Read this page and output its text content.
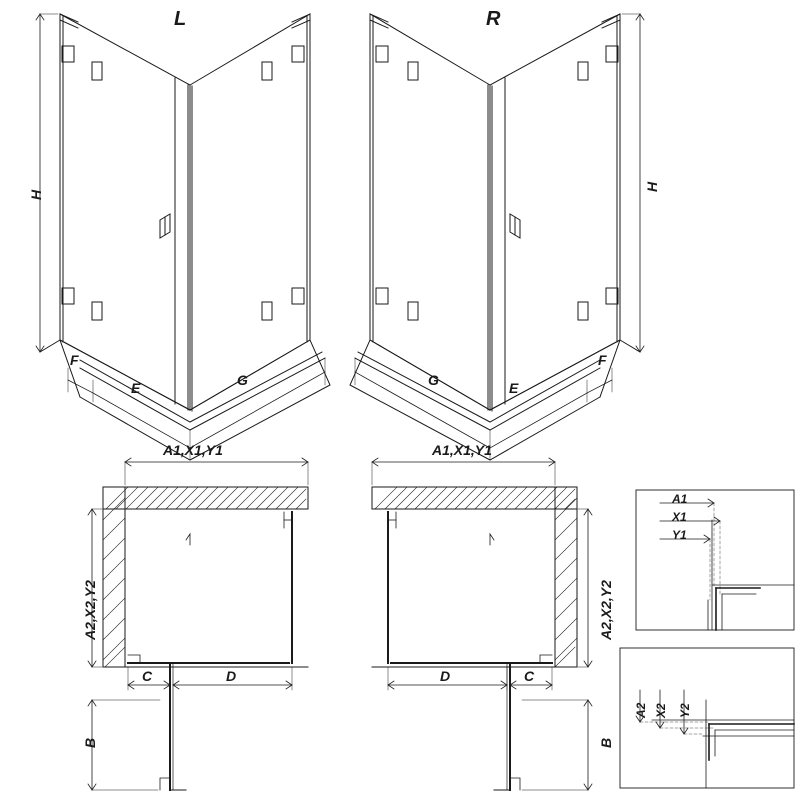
L	R
H
H
F
E	G
F
E
G
A1,X1,Y1	A1,X1,Y1
A2,X2,Y2	A2,X2,Y2
C	D	D	C
B	B
A1
X1
Y1
A2 X2 Y2
